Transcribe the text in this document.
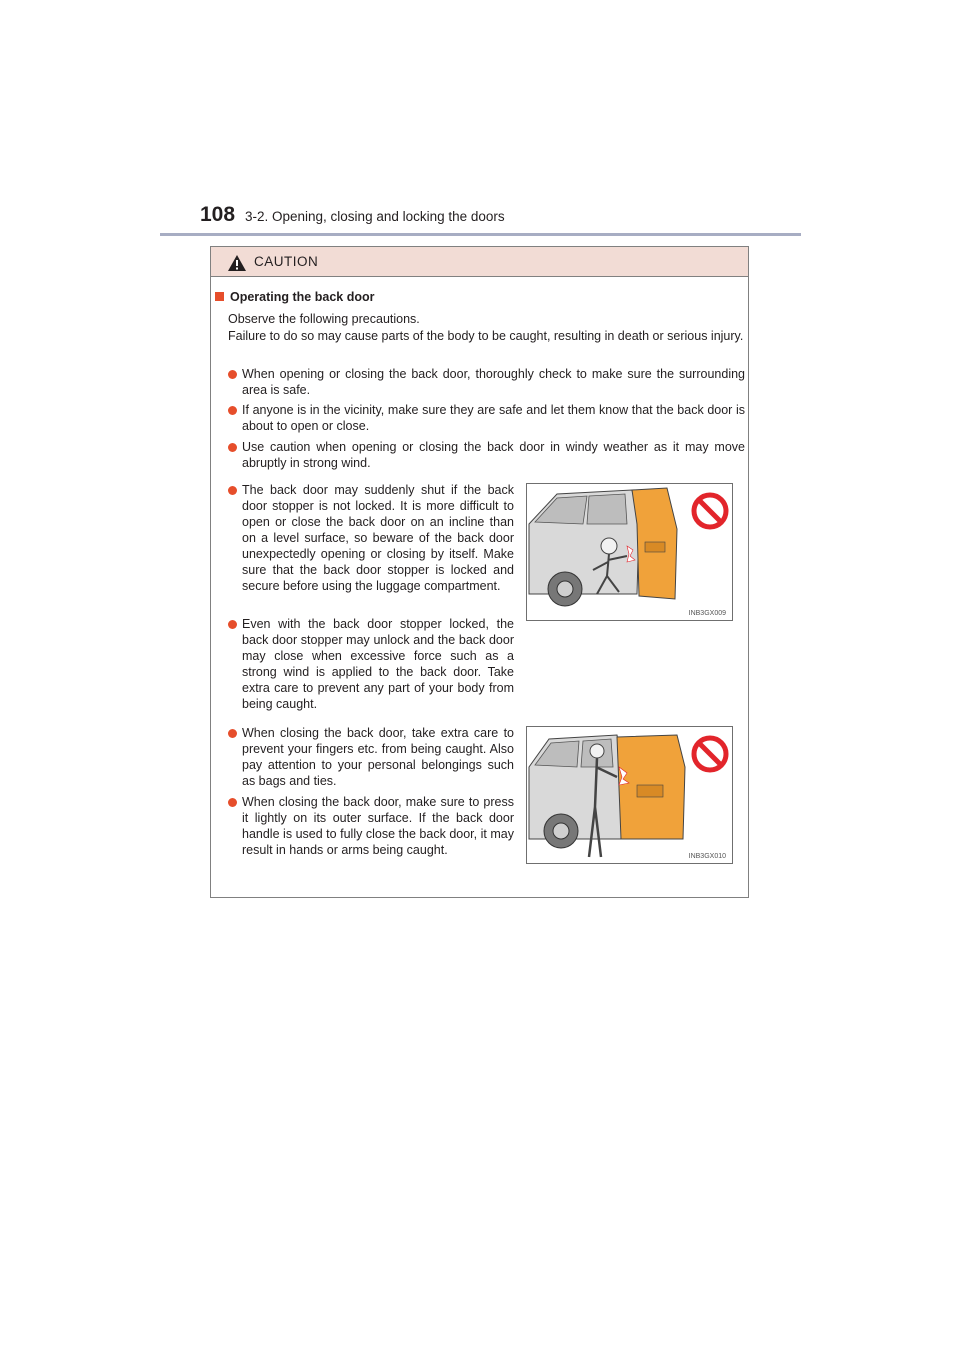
108 3-2. Opening, closing and locking the doors
CAUTION
Operating the back door

Observe the following precautions.

Failure to do so may cause parts of the body to be caught, resulting in death or serious injury.

When opening or closing the back door, thoroughly check to make sure the surrounding area is safe.
If anyone is in the vicinity, make sure they are safe and let them know that the back door is about to open or close.
Use caution when opening or closing the back door in windy weather as it may move abruptly in strong wind.
The back door may suddenly shut if the back door stopper is not locked. It is more difficult to open or close the back door on an incline than on a level surface, so beware of the back door unexpectedly opening or closing by itself. Make sure that the back door stopper is locked and secure before using the luggage compartment.
Even with the back door stopper locked, the back door stopper may unlock and the back door may close when excessive force such as a strong wind is applied to the back door. Take extra care to prevent any part of your body from being caught.
When closing the back door, take extra care to prevent your fingers etc. from being caught. Also pay attention to your personal belongings such as bags and ties.
When closing the back door, make sure to press it lightly on its outer surface. If the back door handle is used to fully close the back door, it may result in hands or arms being caught.
INB3GX009
INB3GX010
